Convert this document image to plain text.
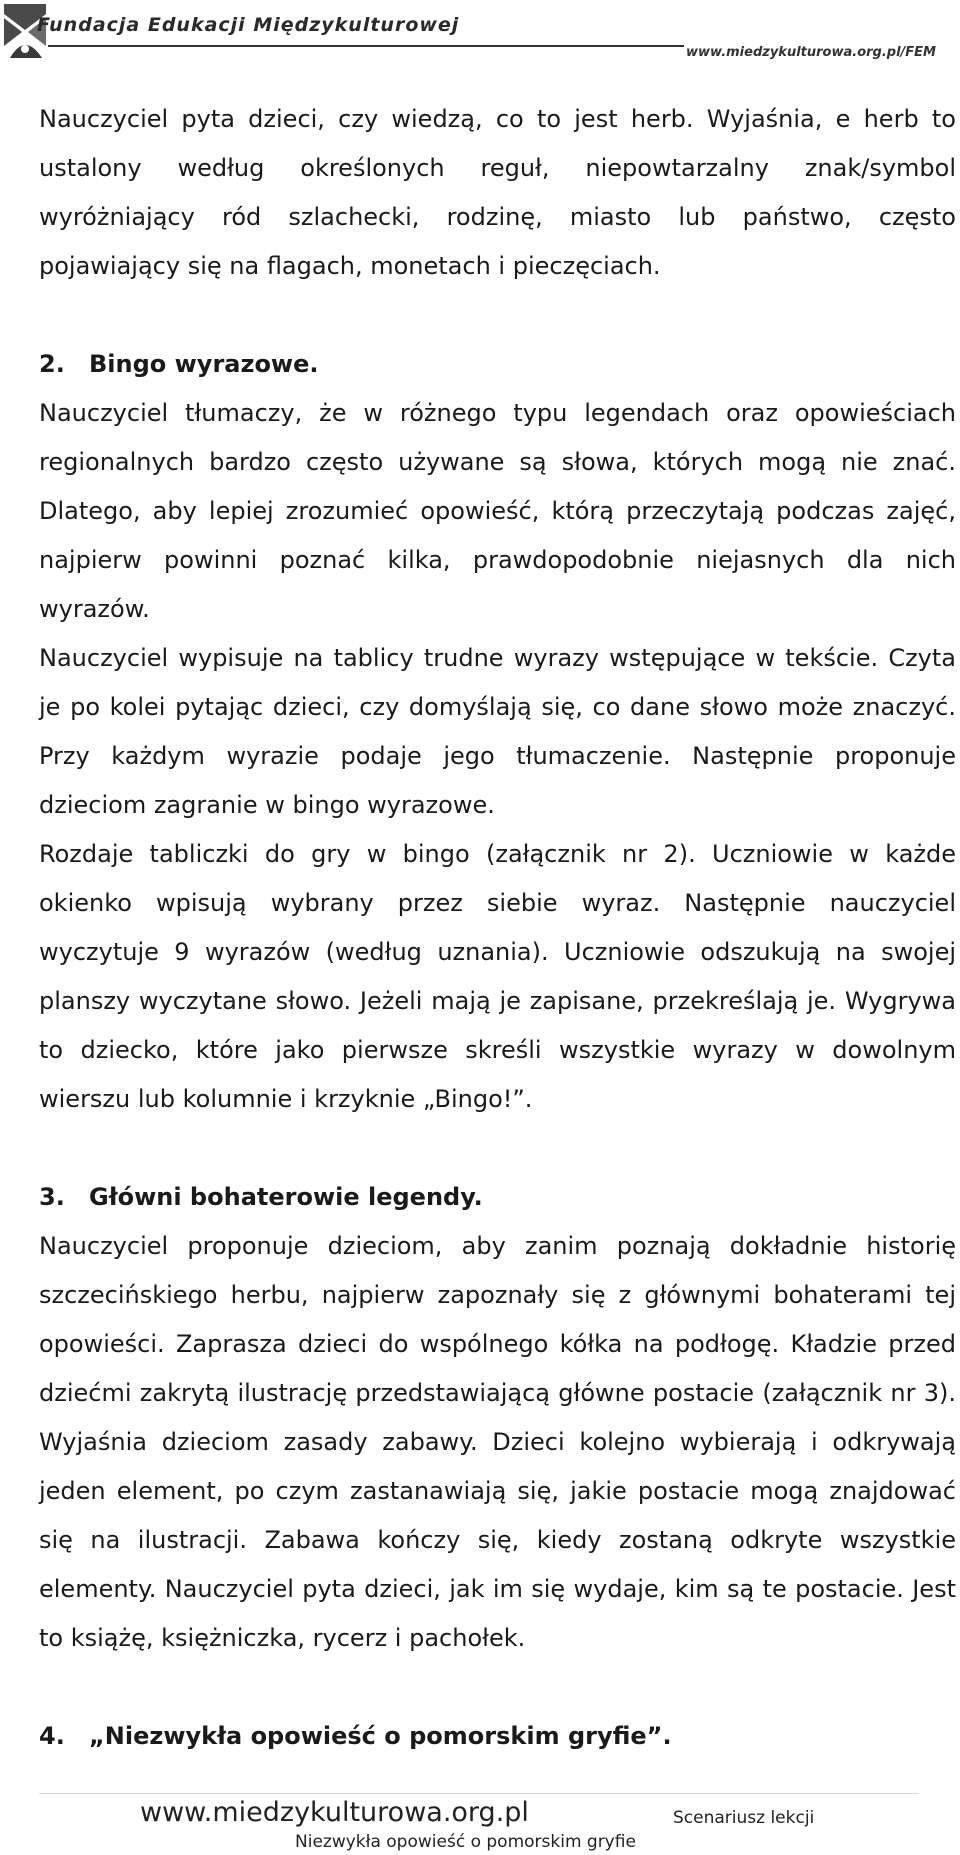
Fundacja Edukacji Międzykulturowej
www.miedzykulturowa.org.pl/FEM

Nauczyciel pyta dzieci, czy wiedzą, co to jest herb. Wyjaśnia, e herb to ustalony według określonych reguł, niepowtarzalny znak/symbol wyróżniający ród szlachecki, rodzinę, miasto lub państwo, często pojawiający się na flagach, monetach i pieczęciach.

2. Bingo wyrazowe.

Nauczyciel tłumaczy, że w różnego typu legendach oraz opowieściach regionalnych bardzo często używane są słowa, których mogą nie znać. Dlatego, aby lepiej zrozumieć opowieść, którą przeczytają podczas zajęć, najpierw powinni poznać kilka, prawdopodobnie niejasnych dla nich wyrazów.

Nauczyciel wypisuje na tablicy trudne wyrazy wstępujące w tekście. Czyta je po kolei pytając dzieci, czy domyślają się, co dane słowo może znaczyć. Przy każdym wyrazie podaje jego tłumaczenie. Następnie proponuje dzieciom zagranie w bingo wyrazowe.

Rozdaje tabliczki do gry w bingo (załącznik nr 2). Uczniowie w każde okienko wpisują wybrany przez siebie wyraz. Następnie nauczyciel wyczytuje 9 wyrazów (według uznania). Uczniowie odszukują na swojej planszy wyczytane słowo. Jeżeli mają je zapisane, przekreślają je. Wygrywa to dziecko, które jako pierwsze skreśli wszystkie wyrazy w dowolnym wierszu lub kolumnie i krzyknie „Bingo!”.

3. Główni bohaterowie legendy.

Nauczyciel proponuje dzieciom, aby zanim poznają dokładnie historię szczecińskiego herbu, najpierw zapoznały się z głównymi bohaterami tej opowieści. Zaprasza dzieci do wspólnego kółka na podłogę. Kładzie przed dziećmi zakrytą ilustrację przedstawiającą główne postacie (załącznik nr 3). Wyjaśnia dzieciom zasady zabawy. Dzieci kolejno wybierają i odkrywają jeden element, po czym zastanawiają się, jakie postacie mogą znajdować się na ilustracji. Zabawa kończy się, kiedy zostaną odkryte wszystkie elementy. Nauczyciel pyta dzieci, jak im się wydaje, kim są te postacie. Jest to książę, księżniczka, rycerz i pachołek.

4. „Niezwykła opowieść o pomorskim gryfie”.

www.miedzykulturowa.org.pl	Scenariusz lekcji
Niezwykła opowieść o pomorskim gryfie
